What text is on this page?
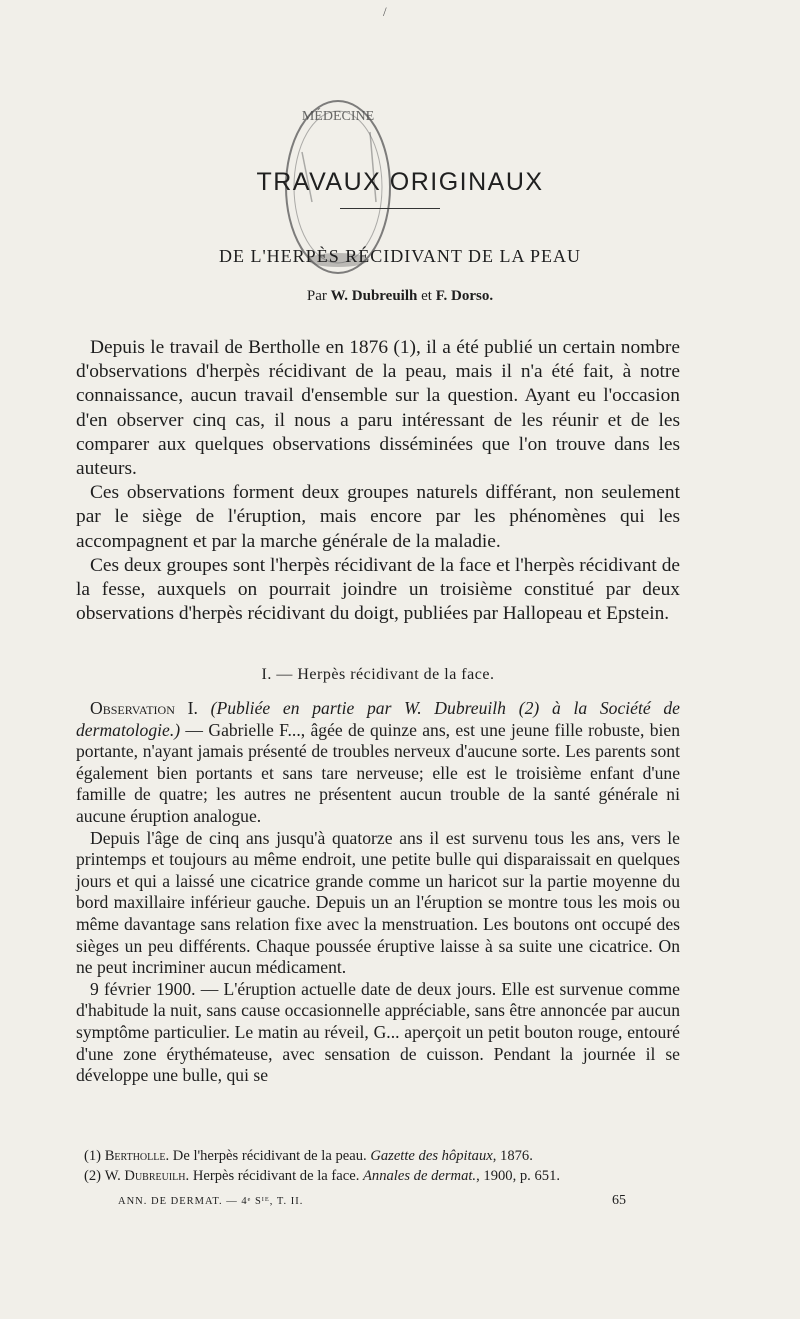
/
MÉDECINE
TRAVAUX ORIGINAUX
DE L'HERPÈS RÉCIDIVANT DE LA PEAU
Par W. Dubreuilh et F. Dorso.

Depuis le travail de Bertholle en 1876 (1), il a été publié un certain nombre d'observations d'herpès récidivant de la peau, mais il n'a été fait, à notre connaissance, aucun travail d'ensemble sur la question. Ayant eu l'occasion d'en observer cinq cas, il nous a paru intéressant de les réunir et de les comparer aux quelques observations disséminées que l'on trouve dans les auteurs.

Ces observations forment deux groupes naturels différant, non seulement par le siège de l'éruption, mais encore par les phénomènes qui les accompagnent et par la marche générale de la maladie.

Ces deux groupes sont l'herpès récidivant de la face et l'herpès récidivant de la fesse, auxquels on pourrait joindre un troisième constitué par deux observations d'herpès récidivant du doigt, publiées par Hallopeau et Epstein.

I. — Herpès récidivant de la face.

Observation I. (Publiée en partie par W. Dubreuilh (2) à la Société de dermatologie.) — Gabrielle F..., âgée de quinze ans, est une jeune fille robuste, bien portante, n'ayant jamais présenté de troubles nerveux d'aucune sorte. Les parents sont également bien portants et sans tare nerveuse; elle est le troisième enfant d'une famille de quatre; les autres ne présentent aucun trouble de la santé générale ni aucune éruption analogue.

Depuis l'âge de cinq ans jusqu'à quatorze ans il est survenu tous les ans, vers le printemps et toujours au même endroit, une petite bulle qui disparaissait en quelques jours et qui a laissé une cicatrice grande comme un haricot sur la partie moyenne du bord maxillaire inférieur gauche. Depuis un an l'éruption se montre tous les mois ou même davantage sans relation fixe avec la menstruation. Les boutons ont occupé des sièges un peu différents. Chaque poussée éruptive laisse à sa suite une cicatrice. On ne peut incriminer aucun médicament.

9 février 1900. — L'éruption actuelle date de deux jours. Elle est survenue comme d'habitude la nuit, sans cause occasionnelle appréciable, sans être annoncée par aucun symptôme particulier. Le matin au réveil, G... aperçoit un petit bouton rouge, entouré d'une zone érythémateuse, avec sensation de cuisson. Pendant la journée il se développe une bulle, qui se

(1) Bertholle. De l'herpès récidivant de la peau. Gazette des hôpitaux, 1876.
(2) W. Dubreuilh. Herpès récidivant de la face. Annales de dermat., 1900, p. 651.
ANN. DE DERMAT. — 4ᵉ Sᴵᴱ, T. II.	65
